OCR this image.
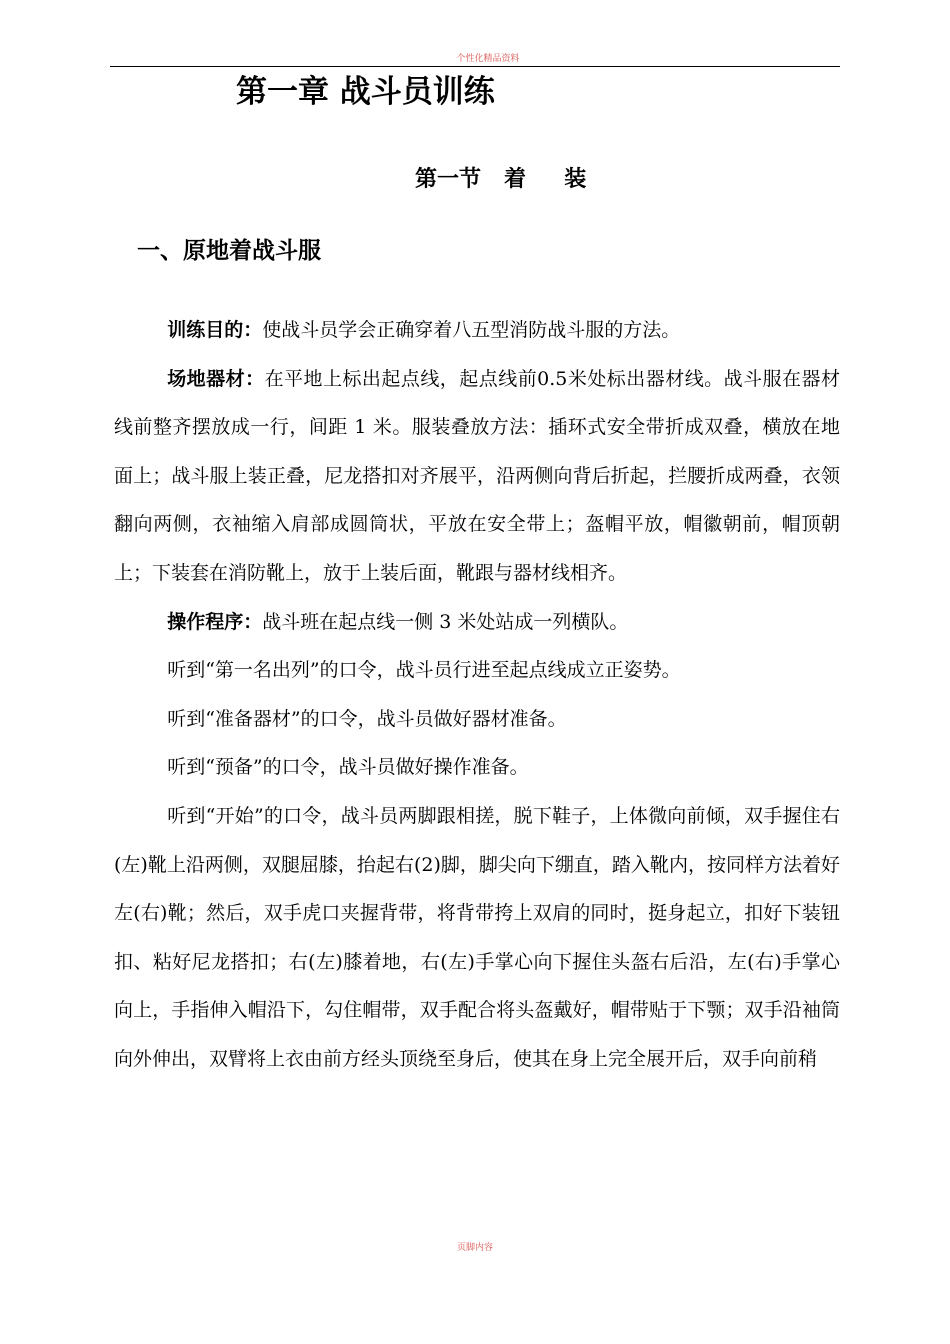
个性化精品资料
第一章 战斗员训练
第一节   着     装
一、原地着战斗服

训练目的：使战斗员学会正确穿着八五型消防战斗服的方法。

场地器材：在平地上标出起点线，起点线前0.5米处标出器材线。战斗服在器材线前整齐摆放成一行，间距 1 米。服装叠放方法：插环式安全带折成双叠，横放在地面上；战斗服上装正叠，尼龙搭扣对齐展平，沿两侧向背后折起，拦腰折成两叠，衣领翻向两侧，衣袖缩入肩部成圆筒状，平放在安全带上；盔帽平放，帽徽朝前，帽顶朝上；下装套在消防靴上，放于上装后面，靴跟与器材线相齐。

操作程序：战斗班在起点线一侧 3 米处站成一列横队。

听到“第一名出列”的口令，战斗员行进至起点线成立正姿势。

听到“准备器材”的口令，战斗员做好器材准备。

听到“预备”的口令，战斗员做好操作准备。

听到“开始”的口令，战斗员两脚跟相搓，脱下鞋子，上体微向前倾，双手握住右(左)靴上沿两侧，双腿屈膝，抬起右(2)脚，脚尖向下绷直，踏入靴内，按同样方法着好左(右)靴；然后，双手虎口夹握背带，将背带挎上双肩的同时，挺身起立，扣好下装钮扣、粘好尼龙搭扣；右(左)膝着地，右(左)手掌心向下握住头盔右后沿，左(右)手掌心向上，手指伸入帽沿下，勾住帽带，双手配合将头盔戴好，帽带贴于下颚；双手沿袖筒向外伸出，双臂将上衣由前方经头顶绕至身后，使其在身上完全展开后，双手向前稍

页脚内容
